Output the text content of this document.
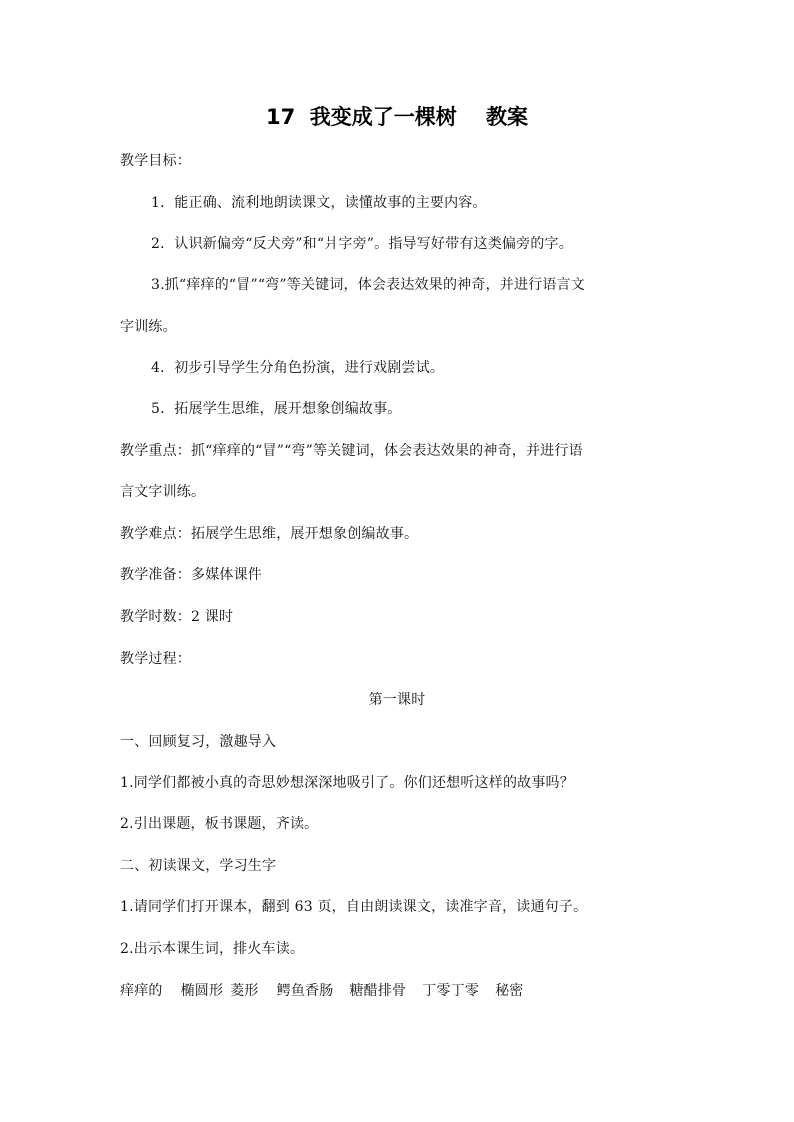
17  我变成了一棵树    教案
教学目标：
1．能正确、流利地朗读课文，读懂故事的主要内容。
2．认识新偏旁“反犬旁”和“爿字旁”。指导写好带有这类偏旁的字。
3.抓“痒痒的“冒”“弯”等关键词，体会表达效果的神奇，并进行语言文
字训练。
4．初步引导学生分角色扮演，进行戏剧尝试。
5．拓展学生思维，展开想象创编故事。
教学重点：抓“痒痒的“冒”“弯”等关键词，体会表达效果的神奇，并进行语
言文字训练。
教学难点：拓展学生思维，展开想象创编故事。
教学准备：多媒体课件
教学时数：2 课时
教学过程：
第一课时
一、回顾复习，激趣导入
1.同学们都被小真的奇思妙想深深地吸引了。你们还想听这样的故事吗？
2.引出课题，板书课题，齐读。
二、初读课文，学习生字
1.请同学们打开课本，翻到 63 页，自由朗读课文，读准字音，读通句子。
2.出示本课生词，排火车读。
痒痒的 椭圆形 菱形 鳄鱼香肠 糖醋排骨 丁零丁零 秘密
